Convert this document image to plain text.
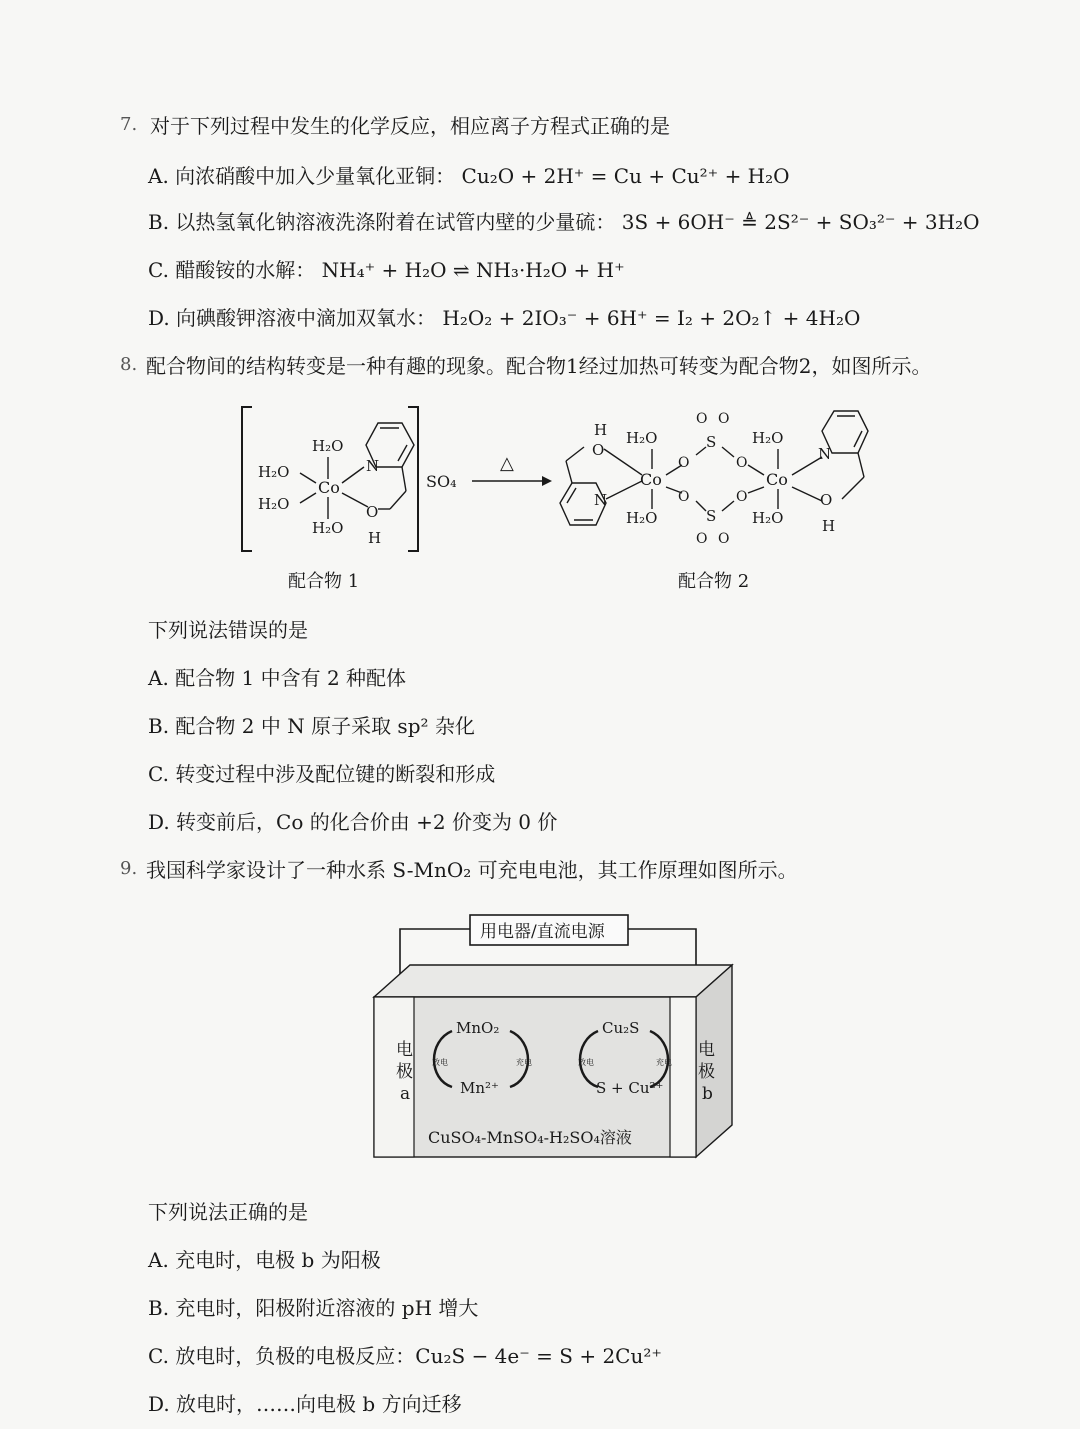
7. 对于下列过程中发生的化学反应，相应离子方程式正确的是
A. 向浓硝酸中加入少量氧化亚铜： Cu₂O + 2H⁺ = Cu + Cu²⁺ + H₂O
B. 以热氢氧化钠溶液洗涤附着在试管内壁的少量硫： 3S + 6OH⁻ ≜ 2S²⁻ + SO₃²⁻ + 3H₂O
C. 醋酸铵的水解： NH₄⁺ + H₂O ⇌ NH₃·H₂O + H⁺
D. 向碘酸钾溶液中滴加双氧水： H₂O₂ + 2IO₃⁻ + 6H⁺ = I₂ + 2O₂↑ + 4H₂O
8. 配合物间的结构转变是一种有趣的现象。配合物1经过加热可转变为配合物2，如图所示。
H₂O
H₂O
H₂O
H₂O
Co
N
O
H
SO₄
△
H
O
N
H₂O
H₂O
Co
O
O
S
S
O O
O O
O
O
Co
H₂O
H₂O
N
O
H
配合物 1	配合物 2
下列说法错误的是
A. 配合物 1 中含有 2 种配体
B. 配合物 2 中 N 原子采取 sp² 杂化
C. 转变过程中涉及配位键的断裂和形成
D. 转变前后，Co 的化合价由 +2 价变为 0 价
9. 我国科学家设计了一种水系 S-MnO₂ 可充电电池，其工作原理如图所示。
用电器/直流电源
电
极
a
电
极
b
MnO₂
Mn²⁺
放电	充电
Cu₂S
S + Cu²⁺
放电	充电
CuSO₄-MnSO₄-H₂SO₄溶液
下列说法正确的是
A. 充电时，电极 b 为阳极
B. 充电时，阳极附近溶液的 pH 增大
C. 放电时，负极的电极反应：Cu₂S − 4e⁻ = S + 2Cu²⁺
D. 放电时，……向电极 b 方向迁移
